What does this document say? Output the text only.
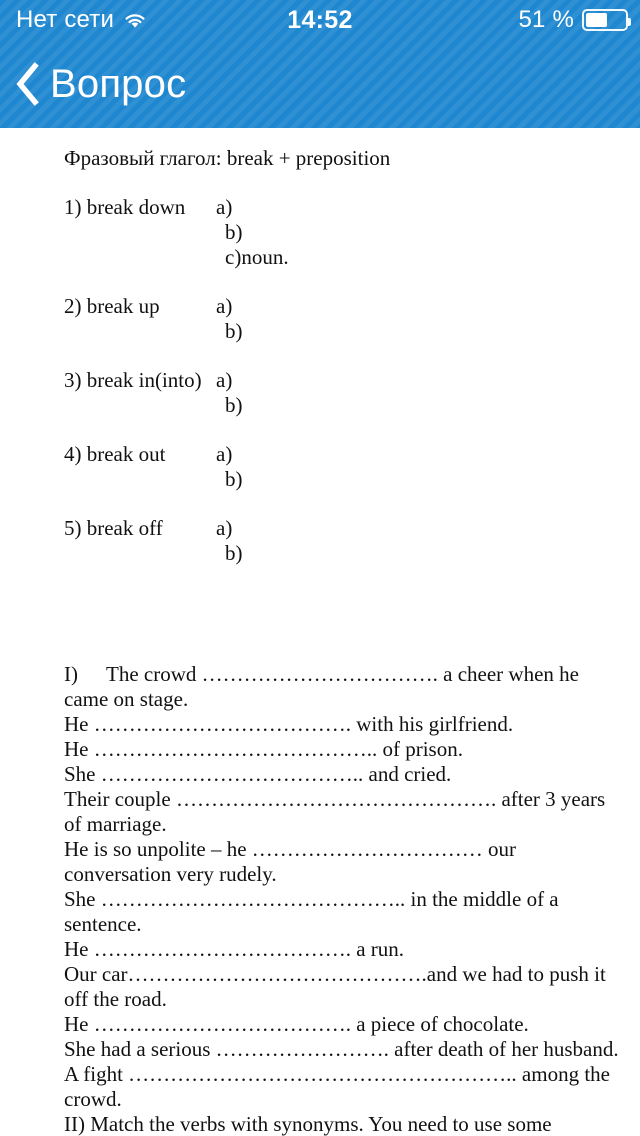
Нет сети	14:52	51 %
Вопрос

Фразовый глагол: break + preposition

1) break down	a)
b)
c)noun.
2) break up	a)
b)
3) break in(into) a)
b)
4) break out	a)
b)
5) break off	a)
b)

I) The crowd ……………………………. a cheer when he came on stage.

He ………………………………. with his girlfriend.

He ………………………………….. of prison.

She ……………………………….. and cried.

Their couple ………………………………………. after 3 years of marriage.

He is so unpolite – he …………………………… our conversation very rudely.

She …………………………………….. in the middle of a sentence.

He ………………………………. a run.

Our car…………………………………….and we had to push it off the road.

He ………………………………. a piece of chocolate.

She had a serious ……………………. after death of her husband.

A fight ……………………………………………….. among the crowd.

II) Match the verbs with synonyms. You need to use some
